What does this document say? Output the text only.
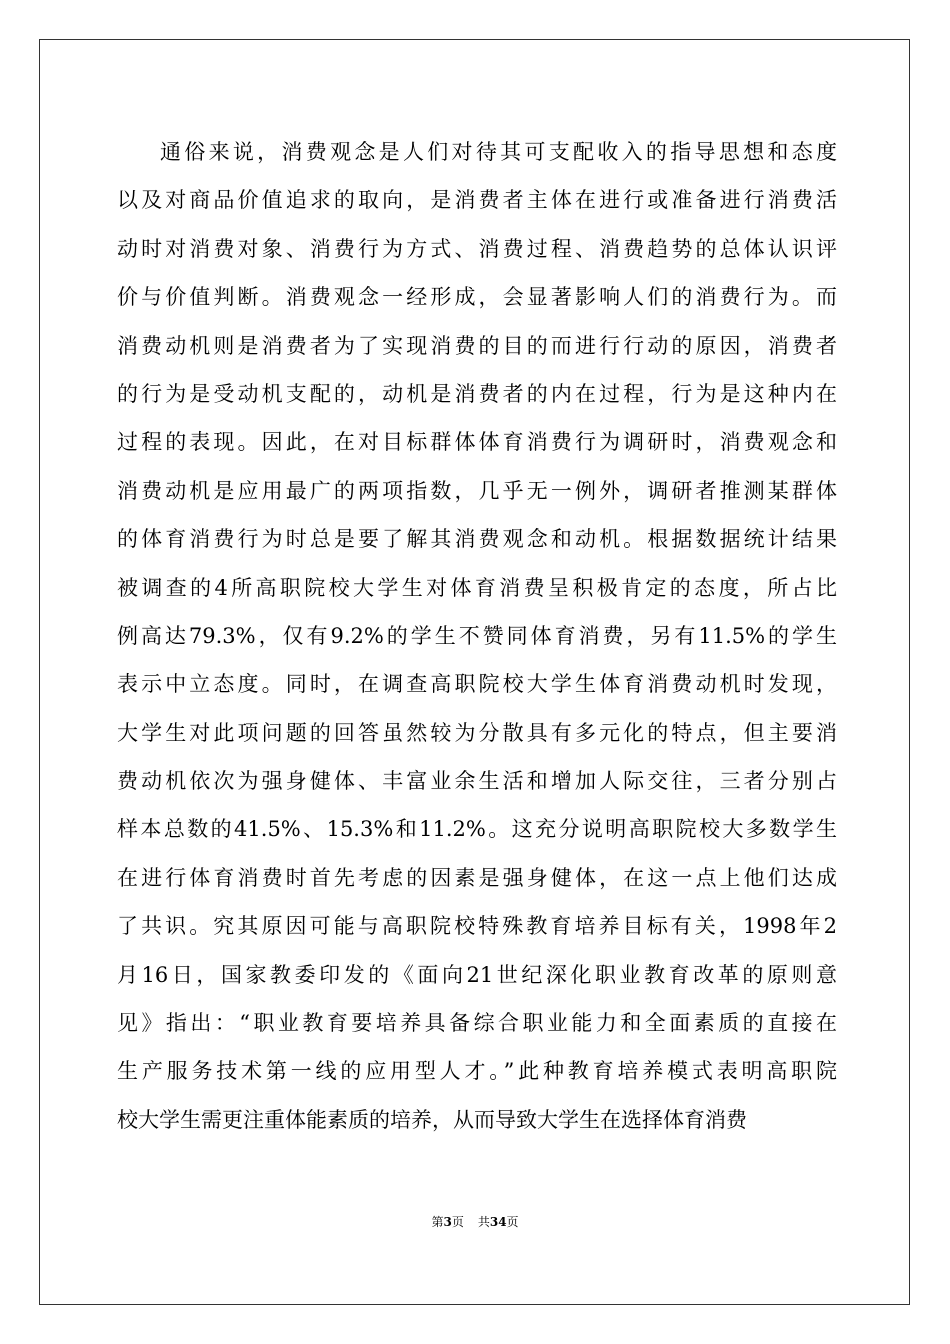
通俗来说，消费观念是人们对待其可支配收入的指导思想和态度
以及对商品价值追求的取向，是消费者主体在进行或准备进行消费活
动时对消费对象、消费行为方式、消费过程、消费趋势的总体认识评
价与价值判断。消费观念一经形成，会显著影响人们的消费行为。而
消费动机则是消费者为了实现消费的目的而进行行动的原因，消费者
的行为是受动机支配的，动机是消费者的内在过程，行为是这种内在
过程的表现。因此，在对目标群体体育消费行为调研时，消费观念和
消费动机是应用最广的两项指数，几乎无一例外，调研者推测某群体
的体育消费行为时总是要了解其消费观念和动机。根据数据统计结果
被调查的4所高职院校大学生对体育消费呈积极肯定的态度，所占比
例高达79.3%，仅有9.2%的学生不赞同体育消费，另有11.5%的学生
表示中立态度。同时，在调查高职院校大学生体育消费动机时发现，
大学生对此项问题的回答虽然较为分散具有多元化的特点，但主要消
费动机依次为强身健体、丰富业余生活和增加人际交往，三者分别占
样本总数的41.5%、15.3%和11.2%。这充分说明高职院校大多数学生
在进行体育消费时首先考虑的因素是强身健体，在这一点上他们达成
了共识。究其原因可能与高职院校特殊教育培养目标有关，1998年2
月16日，国家教委印发的《面向21世纪深化职业教育改革的原则意
见》指出：“职业教育要培养具备综合职业能力和全面素质的直接在
生产服务技术第一线的应用型人才。”此种教育培养模式表明高职院
校大学生需更注重体能素质的培养，从而导致大学生在选择体育消费
第3页 共34页
